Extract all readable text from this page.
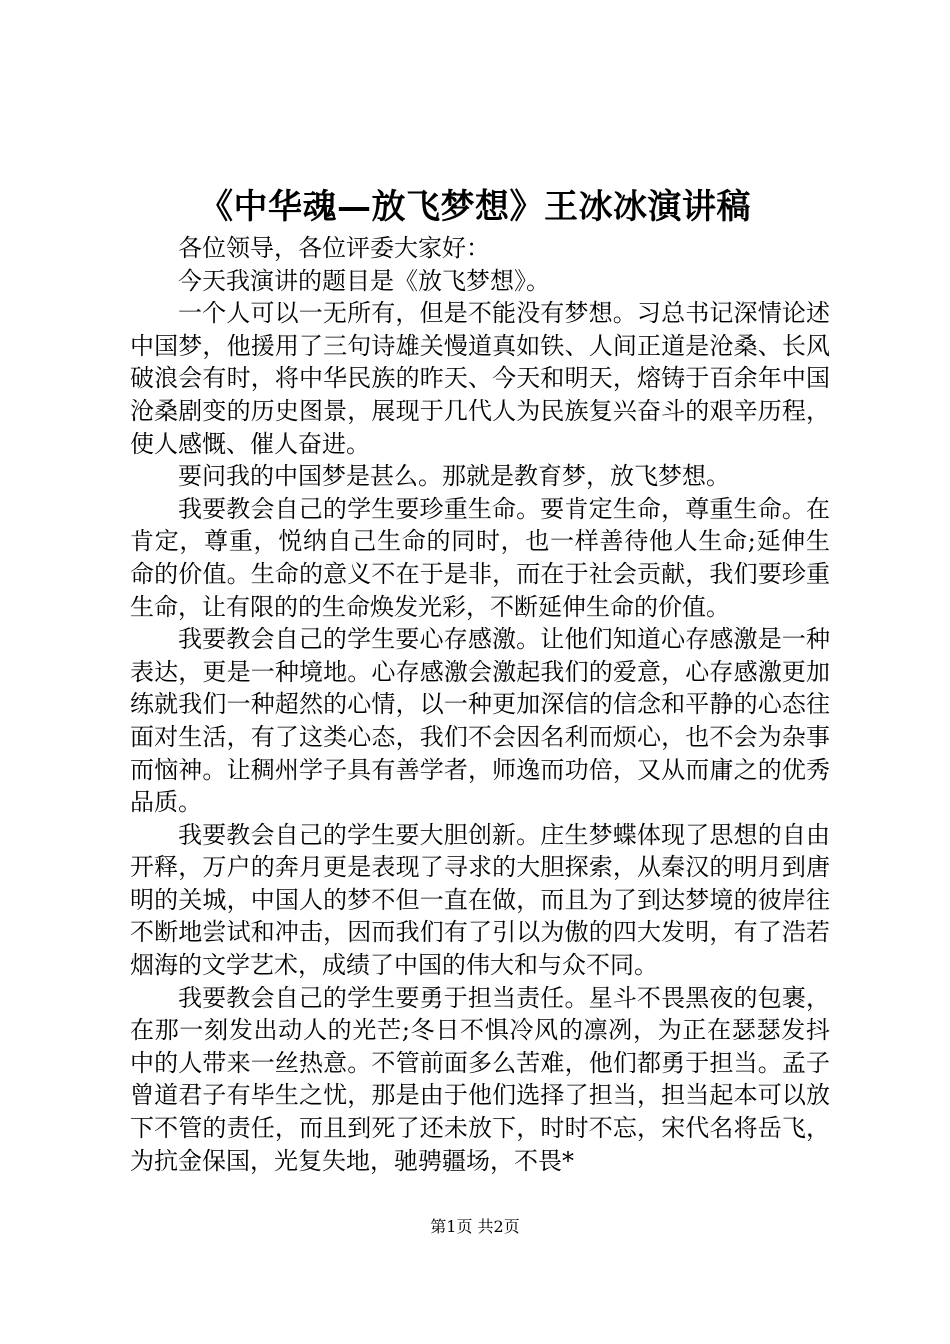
《中华魂—放飞梦想》王冰冰演讲稿

各位领导，各位评委大家好：

今天我演讲的题目是《放飞梦想》。

一个人可以一无所有，但是不能没有梦想。习总书记深情论述中国梦，他援用了三句诗雄关慢道真如铁、人间正道是沧桑、长风破浪会有时，将中华民族的昨天、今天和明天，熔铸于百余年中国沧桑剧变的历史图景，展现于几代人为民族复兴奋斗的艰辛历程，使人感慨、催人奋进。

要问我的中国梦是甚么。那就是教育梦，放飞梦想。

我要教会自己的学生要珍重生命。要肯定生命，尊重生命。在肯定，尊重，悦纳自己生命的同时，也一样善待他人生命;延伸生命的价值。生命的意义不在于是非，而在于社会贡献，我们要珍重生命，让有限的的生命焕发光彩，不断延伸生命的价值。

我要教会自己的学生要心存感激。让他们知道心存感激是一种表达，更是一种境地。心存感激会激起我们的爱意，心存感激更加练就我们一种超然的心情，以一种更加深信的信念和平静的心态往面对生活，有了这类心态，我们不会因名利而烦心，也不会为杂事而恼神。让稠州学子具有善学者，师逸而功倍，又从而庸之的优秀品质。

我要教会自己的学生要大胆创新。庄生梦蝶体现了思想的自由开释，万户的奔月更是表现了寻求的大胆探索，从秦汉的明月到唐明的关城，中国人的梦不但一直在做，而且为了到达梦境的彼岸往不断地尝试和冲击，因而我们有了引以为傲的四大发明，有了浩若烟海的文学艺术，成绩了中国的伟大和与众不同。

我要教会自己的学生要勇于担当责任。星斗不畏黑夜的包裹，在那一刻发出动人的光芒;冬日不惧冷风的凛冽，为正在瑟瑟发抖中的人带来一丝热意。不管前面多么苦难，他们都勇于担当。孟子曾道君子有毕生之忧，那是由于他们选择了担当，担当起本可以放下不管的责任，而且到死了还未放下，时时不忘，宋代名将岳飞，为抗金保国，光复失地，驰骋疆场，不畏*

第1页 共2页
